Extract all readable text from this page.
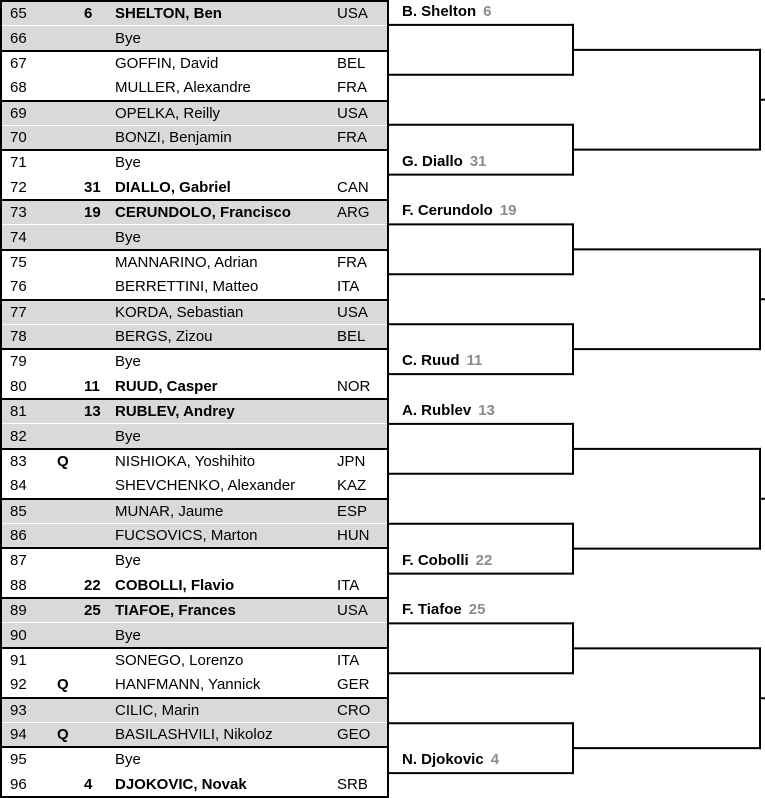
65	6	SHELTON, Ben	USA
66	Bye
67	GOFFIN, David	BEL
68	MULLER, Alexandre	FRA
69	OPELKA, Reilly	USA
70	BONZI, Benjamin	FRA
71	Bye
72	31 DIALLO, Gabriel	CAN
73	19 CERUNDOLO, Francisco	ARG
74	Bye
75	MANNARINO, Adrian	FRA
76	BERRETTINI, Matteo	ITA
77	KORDA, Sebastian	USA
78	BERGS, Zizou	BEL
79	Bye
80	11	RUUD, Casper	NOR
81	13 RUBLEV, Andrey
82	Bye
83	Q	NISHIOKA, Yoshihito	JPN
84	SHEVCHENKO, Alexander	KAZ
85	MUNAR, Jaume	ESP
86	FUCSOVICS, Marton	HUN
87	Bye
88	22 COBOLLI, Flavio	ITA
89	25 TIAFOE, Frances	USA
90	Bye
91	SONEGO, Lorenzo	ITA
92	Q	HANFMANN, Yannick	GER
93	CILIC, Marin	CRO
94	Q	BASILASHVILI, Nikoloz	GEO
95	Bye
96	4	DJOKOVIC, Novak	SRB
B. Shelton 6
G. Diallo 31
F. Cerundolo 19
C. Ruud 11
A. Rublev 13
F. Cobolli 22
F. Tiafoe 25
N. Djokovic 4
